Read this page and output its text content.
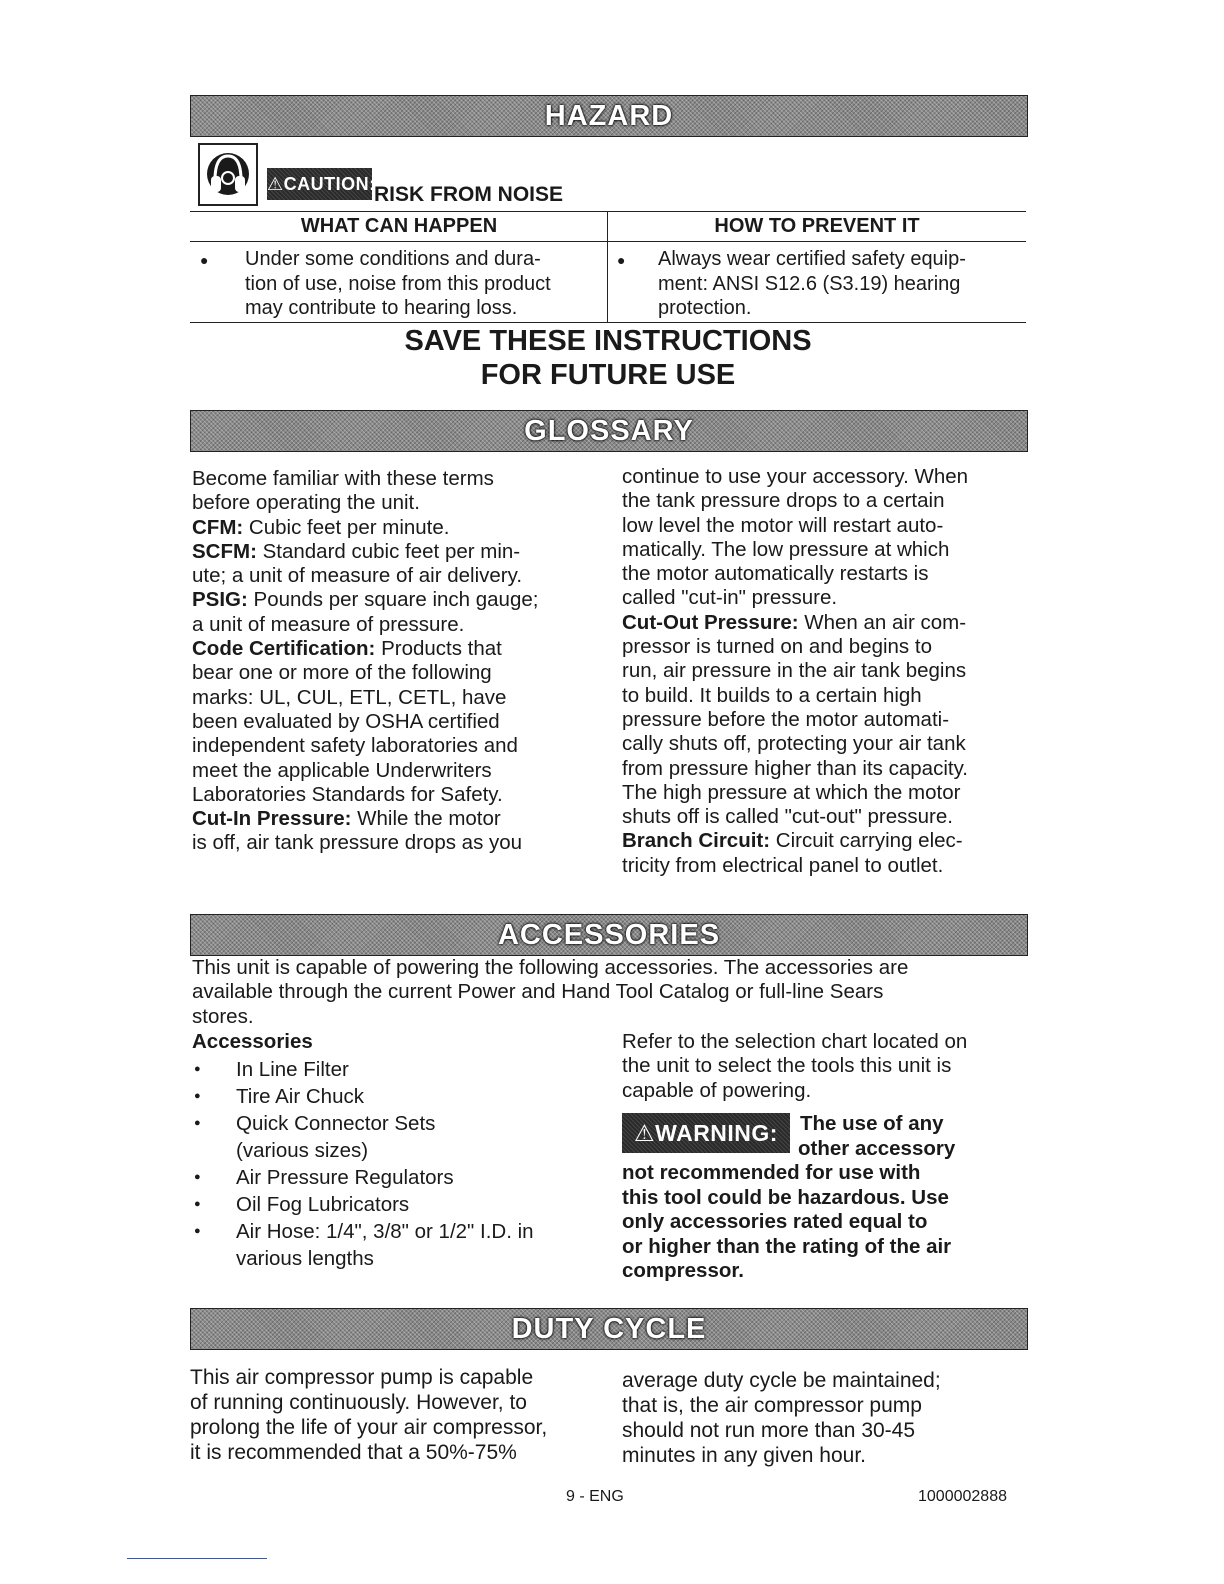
HAZARD
⚠CAUTION:
RISK FROM NOISE
WHAT CAN HAPPEN	HOW TO PREVENT IT
● Under some conditions and dura-
tion of use, noise from this product
may contribute to hearing loss.
● Always wear certified safety equip-
ment: ANSI S12.6 (S3.19) hearing
protection.
SAVE THESE INSTRUCTIONS
FOR FUTURE USE
GLOSSARY
Become familiar with these terms
before operating the unit.
CFM: Cubic feet per minute.
SCFM: Standard cubic feet per min-
ute; a unit of measure of air delivery.
PSIG: Pounds per square inch gauge;
a unit of measure of pressure.
Code Certification: Products that
bear one or more of the following
marks: UL, CUL, ETL, CETL, have
been evaluated by OSHA certified
independent safety laboratories and
meet the applicable Underwriters
Laboratories Standards for Safety.
Cut-In Pressure: While the motor
is off, air tank pressure drops as you
continue to use your accessory. When
the tank pressure drops to a certain
low level the motor will restart auto-
matically. The low pressure at which
the motor automatically restarts is
called "cut-in" pressure.
Cut-Out Pressure: When an air com-
pressor is turned on and begins to
run, air pressure in the air tank begins
to build. It builds to a certain high
pressure before the motor automati-
cally shuts off, protecting your air tank
from pressure higher than its capacity.
The high pressure at which the motor
shuts off is called "cut-out" pressure.
Branch Circuit: Circuit carrying elec-
tricity from electrical panel to outlet.
ACCESSORIES
This unit is capable of powering the following accessories. The accessories are
available through the current Power and Hand Tool Catalog or full-line Sears
stores.
Accessories
● In Line Filter
● Tire Air Chuck
● Quick Connector Sets
(various sizes)
● Air Pressure Regulators
● Oil Fog Lubricators
● Air Hose: 1/4", 3/8" or 1/2" I.D. in
various lengths
Refer to the selection chart located on
the unit to select the tools this unit is
capable of powering.
⚠WARNING:	The use of any
other accessory
not recommended for use with
this tool could be hazardous. Use
only accessories rated equal to
or higher than the rating of the air
compressor.
DUTY CYCLE
This air compressor pump is capable
of running continuously. However, to
prolong the life of your air compressor,
it is recommended that a 50%-75%
average duty cycle be maintained;
that is, the air compressor pump
should not run more than 30-45
minutes in any given hour.
9 - ENG	1000002888
